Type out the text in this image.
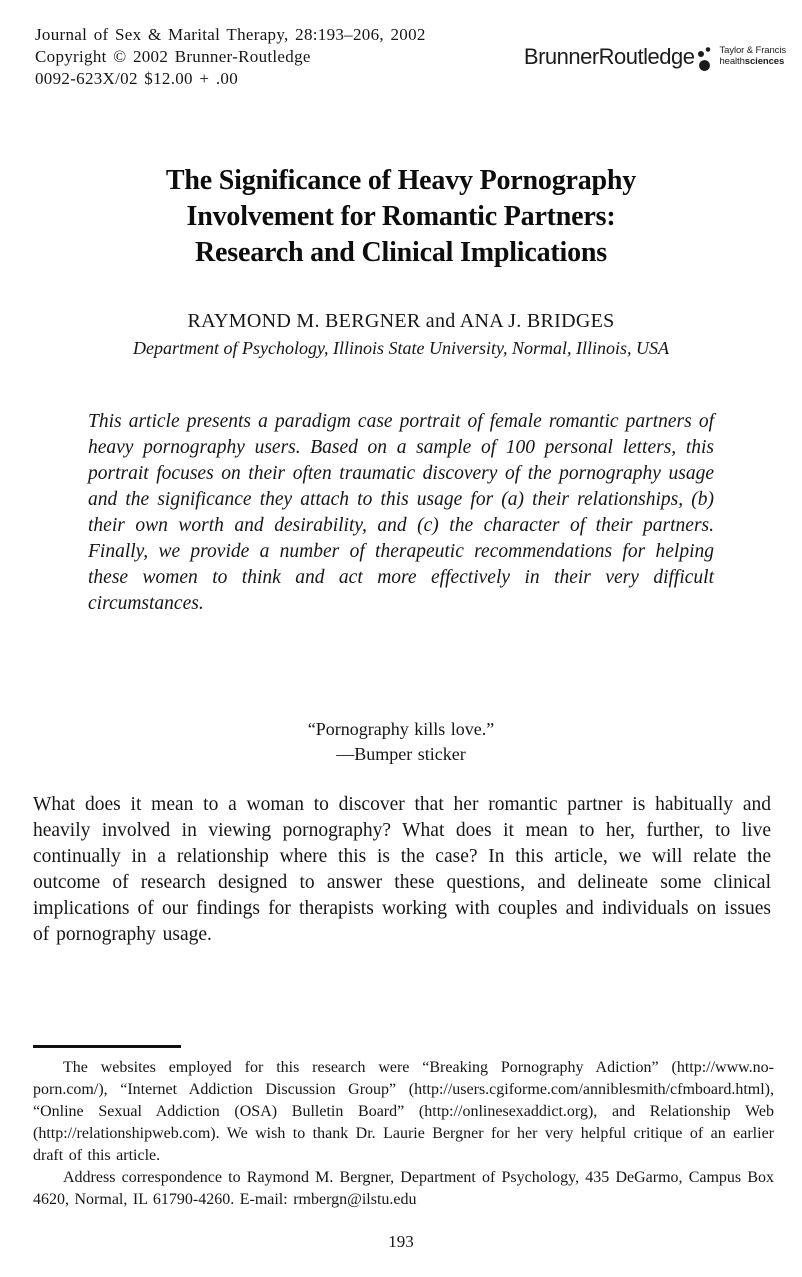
Journal of Sex & Marital Therapy, 28:193–206, 2002
Copyright © 2002 Brunner-Routledge
0092-623X/02 $12.00 + .00
BrunnerRoutledge	Taylor & Francis
healthsciences
The Significance of Heavy Pornography
Involvement for Romantic Partners:
Research and Clinical Implications
RAYMOND M. BERGNER and ANA J. BRIDGES
Department of Psychology, Illinois State University, Normal, Illinois, USA
This article presents a paradigm case portrait of female romantic partners of heavy pornography users. Based on a sample of 100 personal letters, this portrait focuses on their often traumatic discovery of the pornography usage and the significance they attach to this usage for (a) their relationships, (b) their own worth and desirability, and (c) the character of their partners. Finally, we provide a number of therapeutic recommendations for helping these women to think and act more effectively in their very difficult circumstances.
“Pornography kills love.”
—Bumper sticker
What does it mean to a woman to discover that her romantic partner is habitually and heavily involved in viewing pornography? What does it mean to her, further, to live continually in a relationship where this is the case? In this article, we will relate the outcome of research designed to answer these questions, and delineate some clinical implications of our findings for therapists working with couples and individuals on issues of pornography usage.

The websites employed for this research were “Breaking Pornography Adiction” (http://www.no-porn.com/), “Internet Addiction Discussion Group” (http://users.cgiforme.com/anniblesmith/cfmboard.html), “Online Sexual Addiction (OSA) Bulletin Board” (http://onlinesexaddict.org), and Relationship Web (http://relationshipweb.com). We wish to thank Dr. Laurie Bergner for her very helpful critique of an earlier draft of this article.

Address correspondence to Raymond M. Bergner, Department of Psychology, 435 DeGarmo, Campus Box 4620, Normal, IL 61790-4260. E-mail: rmbergn@ilstu.edu

193
